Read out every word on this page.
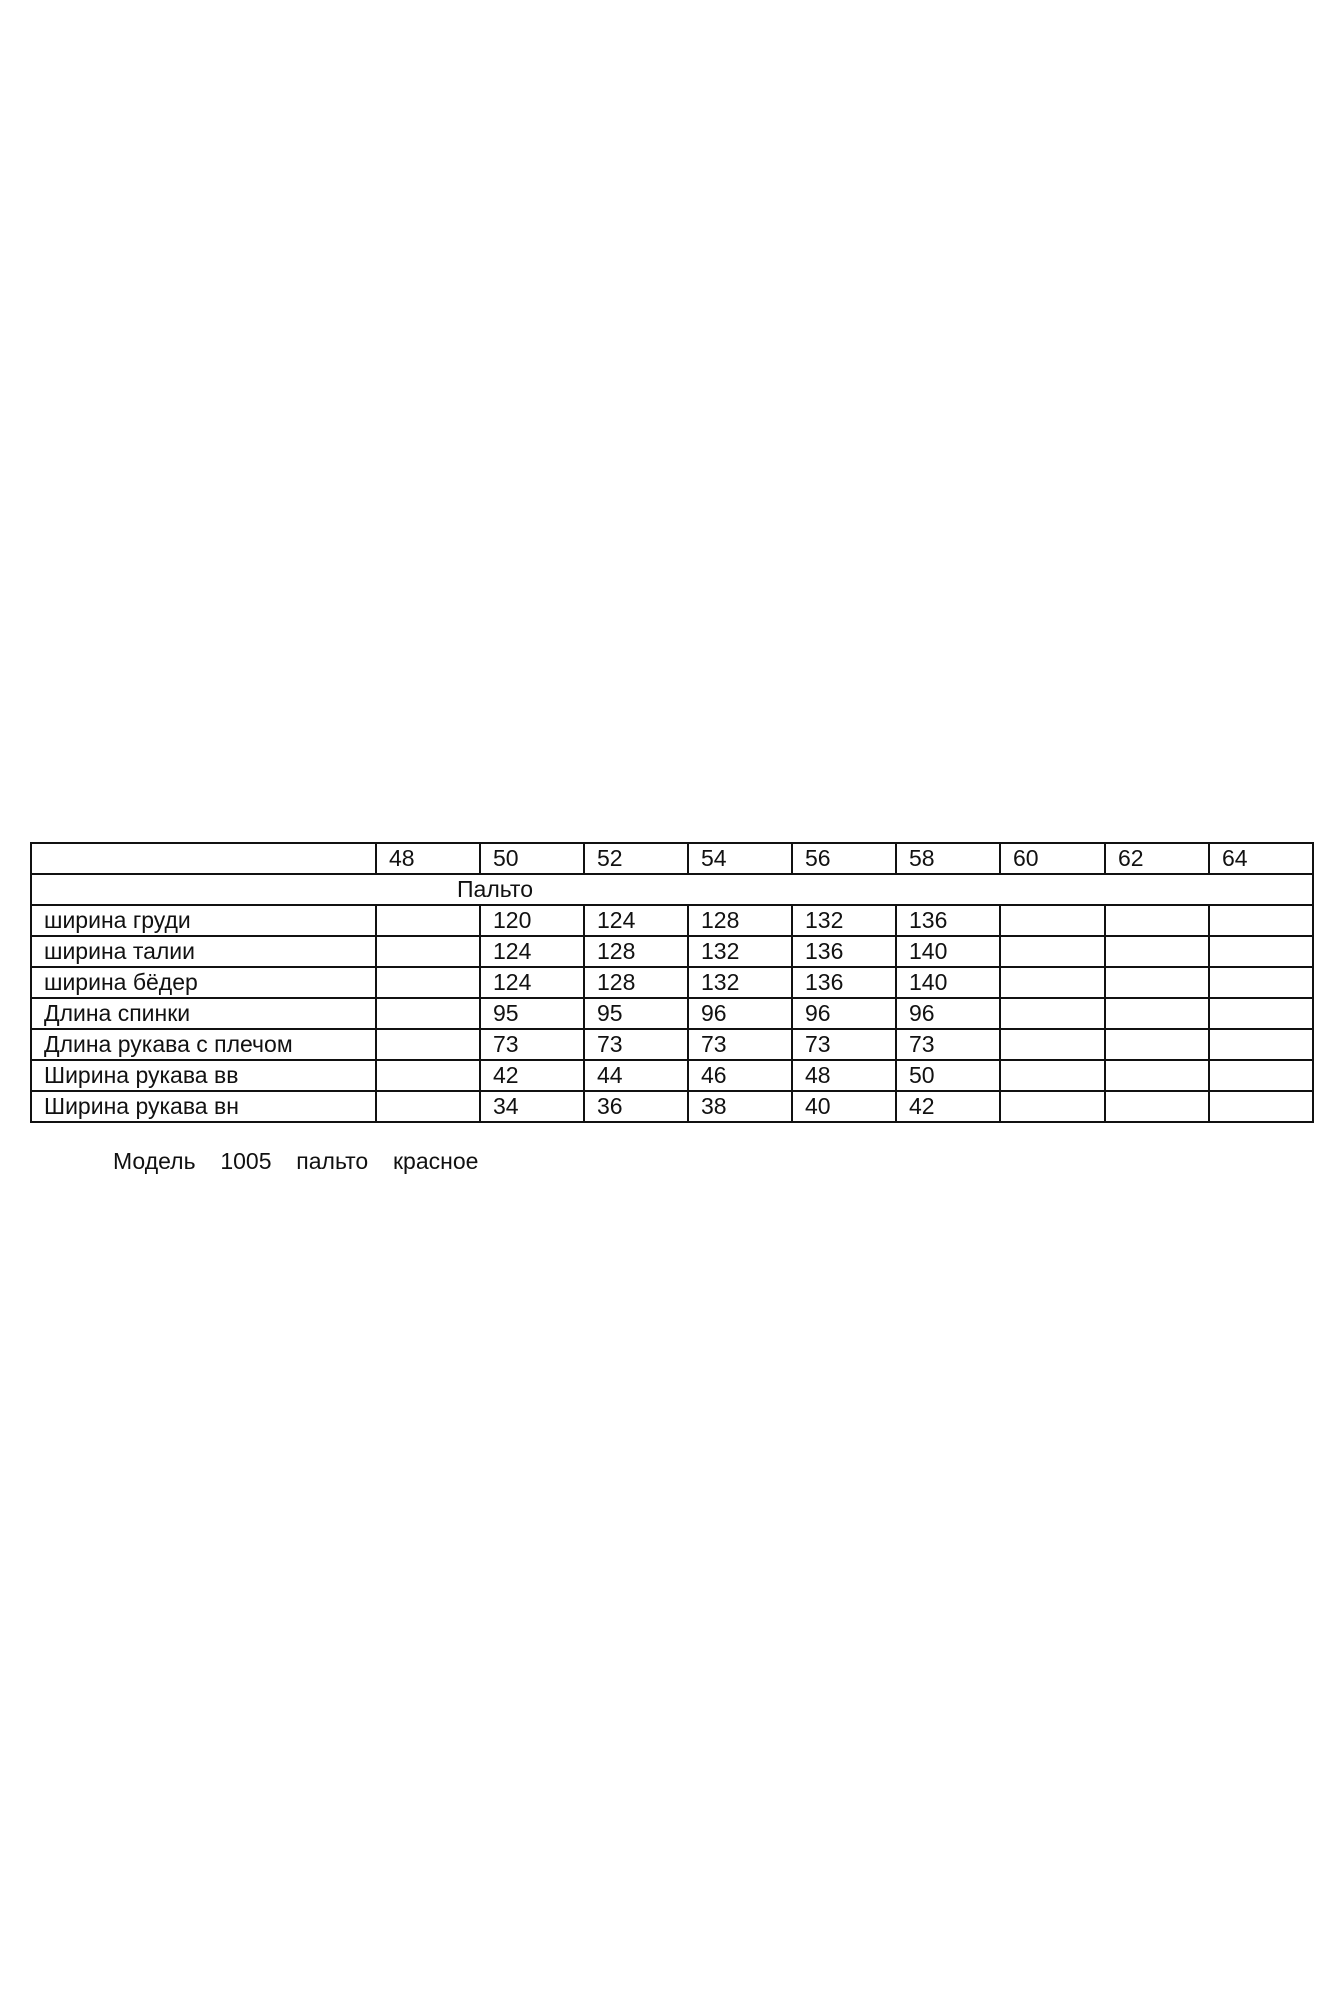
	48	50	52	54	56	58	60	62	64
Пальто									
ширина груди		120	124	128	132	136			
ширина талии		124	128	132	136	140			
ширина бёдер		124	128	132	136	140			
Длина спинки		95	95	96	96	96			
Длина рукава с плечом		73	73	73	73	73			
Ширина рукава вв		42	44	46	48	50			
Ширина рукава вн		34	36	38	40	42			

Модель  1005  пальто  красное
